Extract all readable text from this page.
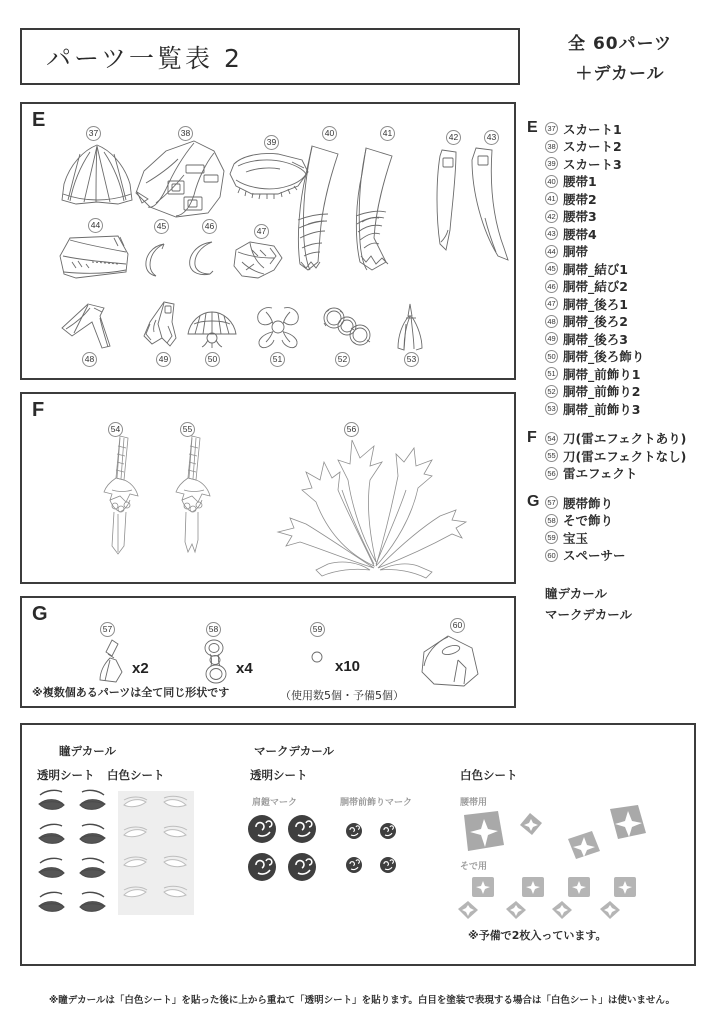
パーツ一覧表 2	全 60パーツ
＋デカール
E
37	38
39
40	41	42	43
44	45	46	47
48	49	50	51	52	53
F
54	55	56
G
57
x2
58
x4
59
x10
（使用数5個・予備5個）
60
※複数個あるパーツは全て同じ形状です
E	37 スカート1
38 スカート2
39 スカート3
40 腰帯1
41 腰帯2
42 腰帯3
43 腰帯4
44 胴帯
45 胴帯_結び1
46 胴帯_結び2
47 胴帯_後ろ1
48 胴帯_後ろ2
49 胴帯_後ろ3
50 胴帯_後ろ飾り
51 胴帯_前飾り1
52 胴帯_前飾り2
53 胴帯_前飾り3
F	54 刀(雷エフェクトあり)
55 刀(雷エフェクトなし)
56 雷エフェクト
G	57 腰帯飾り
58 そで飾り
59 宝玉
60 スペーサー
瞳デカール
マークデカール
瞳デカール
透明シート 白色シート
マークデカール
透明シート
肩鎧マーク	胴帯前飾りマーク
白色シート
腰帯用
そで用
※予備で2枚入っています。
※瞳デカールは「白色シート」を貼った後に上から重ねて「透明シート」を貼ります。白目を塗装で表現する場合は「白色シート」は使いません。
